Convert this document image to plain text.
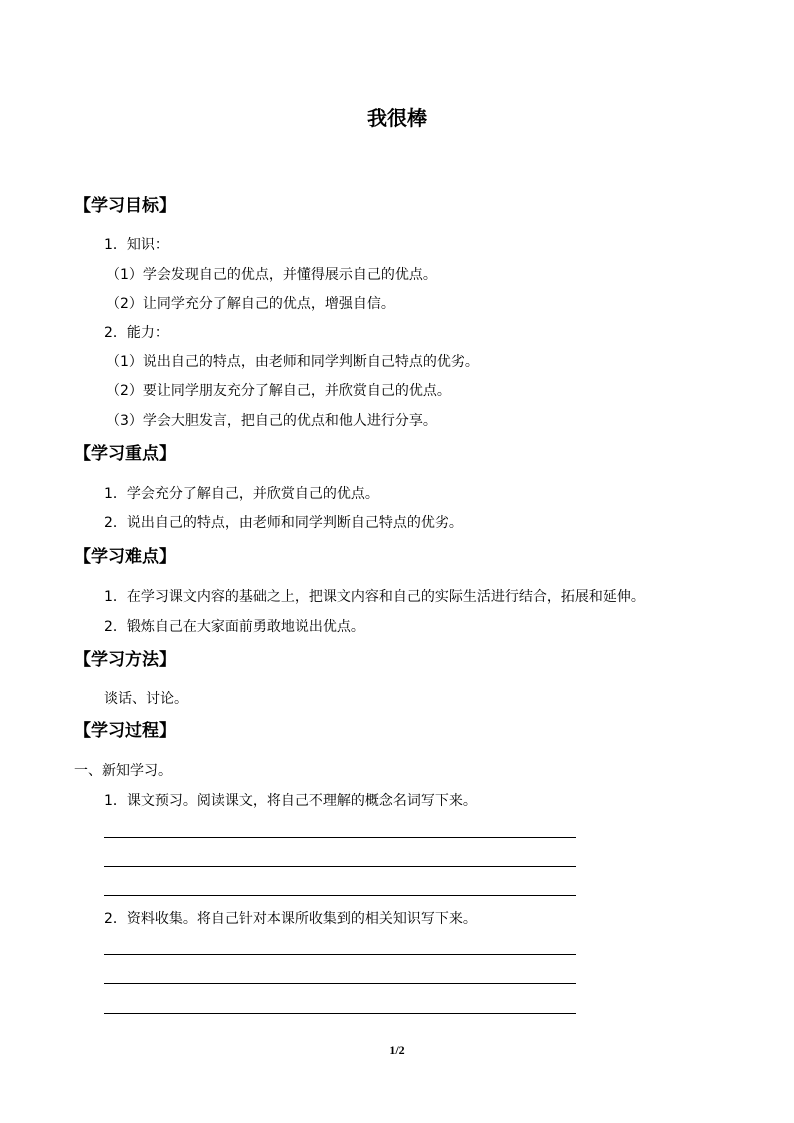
我很棒
【学习目标】
1．知识：
（1）学会发现自己的优点，并懂得展示自己的优点。
（2）让同学充分了解自己的优点，增强自信。
2．能力：
（1）说出自己的特点，由老师和同学判断自己特点的优劣。
（2）要让同学朋友充分了解自己，并欣赏自己的优点。
（3）学会大胆发言，把自己的优点和他人进行分享。
【学习重点】
1．学会充分了解自己，并欣赏自己的优点。
2．说出自己的特点，由老师和同学判断自己特点的优劣。
【学习难点】
1．在学习课文内容的基础之上，把课文内容和自己的实际生活进行结合，拓展和延伸。
2．锻炼自己在大家面前勇敢地说出优点。
【学习方法】
谈话、讨论。
【学习过程】
一、新知学习。
1．课文预习。阅读课文，将自己不理解的概念名词写下来。
2．资料收集。将自己针对本课所收集到的相关知识写下来。
1/2
